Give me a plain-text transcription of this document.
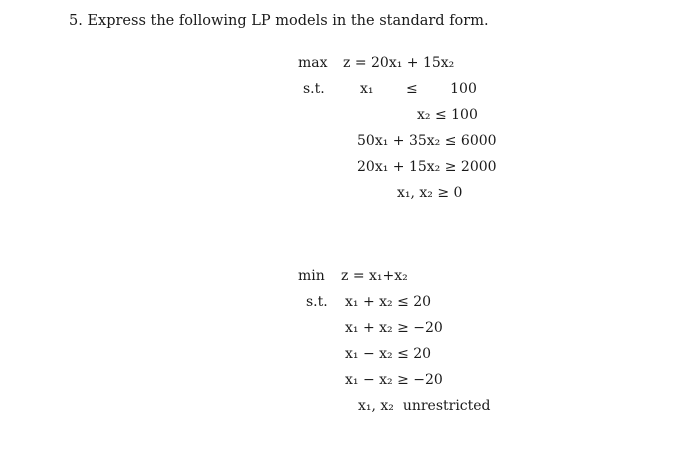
5. Express the following LP models in the standard form.
max z = 20x₁ + 15x₂
s.t.	x₁ ≤ 100
x₂ ≤ 100
50x₁ + 35x₂ ≤ 6000
20x₁ + 15x₂ ≥ 2000
x₁, x₂ ≥ 0
min z = x₁+x₂
s.t. x₁ + x₂ ≤ 20
x₁ + x₂ ≥ −20
x₁ − x₂ ≤ 20
x₁ − x₂ ≥ −20
x₁, x₂  unrestricted
